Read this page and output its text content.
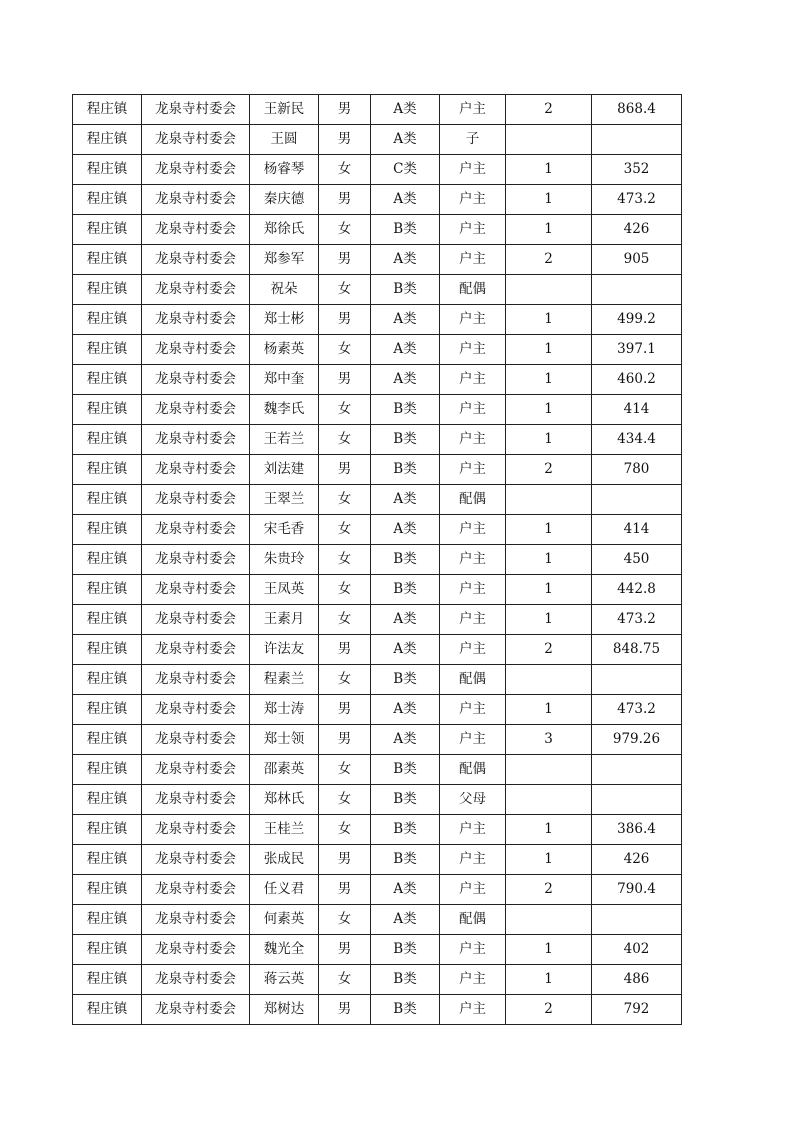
程庄镇	龙泉寺村委会	王新民	男	A类	户主	2	868.4
程庄镇	龙泉寺村委会	王圆	男	A类	子		
程庄镇	龙泉寺村委会	杨睿琴	女	C类	户主	1	352
程庄镇	龙泉寺村委会	秦庆德	男	A类	户主	1	473.2
程庄镇	龙泉寺村委会	郑徐氏	女	B类	户主	1	426
程庄镇	龙泉寺村委会	郑参军	男	A类	户主	2	905
程庄镇	龙泉寺村委会	祝朵	女	B类	配偶		
程庄镇	龙泉寺村委会	郑士彬	男	A类	户主	1	499.2
程庄镇	龙泉寺村委会	杨素英	女	A类	户主	1	397.1
程庄镇	龙泉寺村委会	郑中奎	男	A类	户主	1	460.2
程庄镇	龙泉寺村委会	魏李氏	女	B类	户主	1	414
程庄镇	龙泉寺村委会	王若兰	女	B类	户主	1	434.4
程庄镇	龙泉寺村委会	刘法建	男	B类	户主	2	780
程庄镇	龙泉寺村委会	王翠兰	女	A类	配偶		
程庄镇	龙泉寺村委会	宋毛香	女	A类	户主	1	414
程庄镇	龙泉寺村委会	朱贵玲	女	B类	户主	1	450
程庄镇	龙泉寺村委会	王凤英	女	B类	户主	1	442.8
程庄镇	龙泉寺村委会	王素月	女	A类	户主	1	473.2
程庄镇	龙泉寺村委会	许法友	男	A类	户主	2	848.75
程庄镇	龙泉寺村委会	程素兰	女	B类	配偶		
程庄镇	龙泉寺村委会	郑士涛	男	A类	户主	1	473.2
程庄镇	龙泉寺村委会	郑士领	男	A类	户主	3	979.26
程庄镇	龙泉寺村委会	邵素英	女	B类	配偶		
程庄镇	龙泉寺村委会	郑林氏	女	B类	父母		
程庄镇	龙泉寺村委会	王桂兰	女	B类	户主	1	386.4
程庄镇	龙泉寺村委会	张成民	男	B类	户主	1	426
程庄镇	龙泉寺村委会	任义君	男	A类	户主	2	790.4
程庄镇	龙泉寺村委会	何素英	女	A类	配偶		
程庄镇	龙泉寺村委会	魏光全	男	B类	户主	1	402
程庄镇	龙泉寺村委会	蒋云英	女	B类	户主	1	486
程庄镇	龙泉寺村委会	郑树达	男	B类	户主	2	792
